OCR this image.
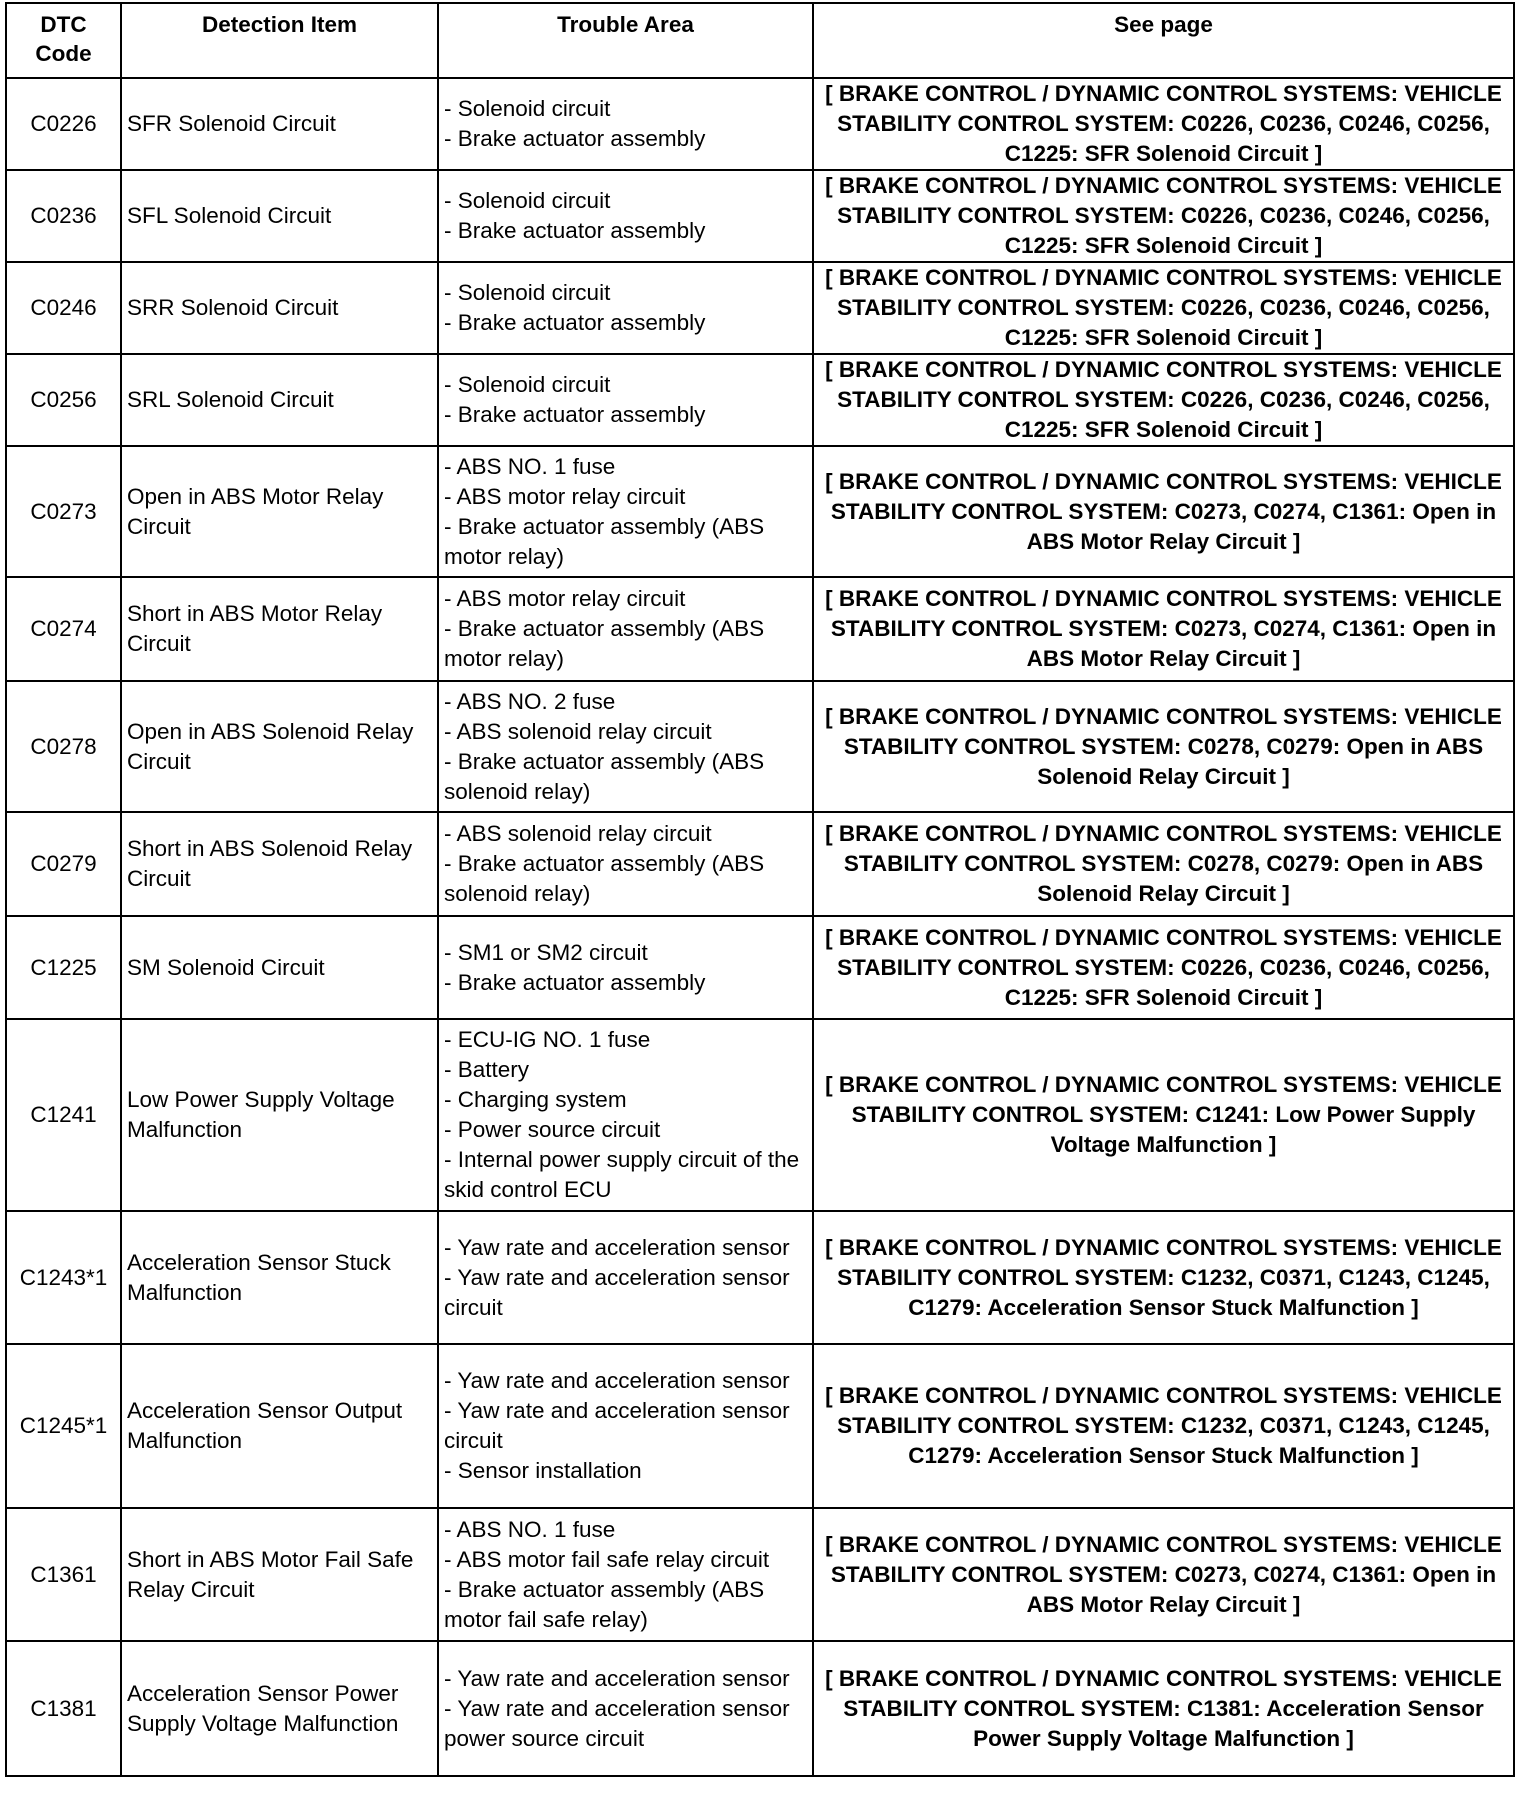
DTC Code	Detection Item	Trouble Area	See page
C0226	SFR Solenoid Circuit	- Solenoid circuit
- Brake actuator assembly	[ BRAKE CONTROL / DYNAMIC CONTROL SYSTEMS: VEHICLE STABILITY CONTROL SYSTEM: C0226, C0236, C0246, C0256, C1225: SFR Solenoid Circuit ]
C0236	SFL Solenoid Circuit	- Solenoid circuit
- Brake actuator assembly	[ BRAKE CONTROL / DYNAMIC CONTROL SYSTEMS: VEHICLE STABILITY CONTROL SYSTEM: C0226, C0236, C0246, C0256, C1225: SFR Solenoid Circuit ]
C0246	SRR Solenoid Circuit	- Solenoid circuit
- Brake actuator assembly	[ BRAKE CONTROL / DYNAMIC CONTROL SYSTEMS: VEHICLE STABILITY CONTROL SYSTEM: C0226, C0236, C0246, C0256, C1225: SFR Solenoid Circuit ]
C0256	SRL Solenoid Circuit	- Solenoid circuit
- Brake actuator assembly	[ BRAKE CONTROL / DYNAMIC CONTROL SYSTEMS: VEHICLE STABILITY CONTROL SYSTEM: C0226, C0236, C0246, C0256, C1225: SFR Solenoid Circuit ]
C0273	Open in ABS Motor Relay Circuit	- ABS NO. 1 fuse
- ABS motor relay circuit
- Brake actuator assembly (ABS motor relay)	[ BRAKE CONTROL / DYNAMIC CONTROL SYSTEMS: VEHICLE STABILITY CONTROL SYSTEM: C0273, C0274, C1361: Open in ABS Motor Relay Circuit ]
C0274	Short in ABS Motor Relay Circuit	- ABS motor relay circuit
- Brake actuator assembly (ABS motor relay)	[ BRAKE CONTROL / DYNAMIC CONTROL SYSTEMS: VEHICLE STABILITY CONTROL SYSTEM: C0273, C0274, C1361: Open in ABS Motor Relay Circuit ]
C0278	Open in ABS Solenoid Relay Circuit	- ABS NO. 2 fuse
- ABS solenoid relay circuit
- Brake actuator assembly (ABS solenoid relay)	[ BRAKE CONTROL / DYNAMIC CONTROL SYSTEMS: VEHICLE STABILITY CONTROL SYSTEM: C0278, C0279: Open in ABS Solenoid Relay Circuit ]
C0279	Short in ABS Solenoid Relay Circuit	- ABS solenoid relay circuit
- Brake actuator assembly (ABS solenoid relay)	[ BRAKE CONTROL / DYNAMIC CONTROL SYSTEMS: VEHICLE STABILITY CONTROL SYSTEM: C0278, C0279: Open in ABS Solenoid Relay Circuit ]
C1225	SM Solenoid Circuit	- SM1 or SM2 circuit
- Brake actuator assembly	[ BRAKE CONTROL / DYNAMIC CONTROL SYSTEMS: VEHICLE STABILITY CONTROL SYSTEM: C0226, C0236, C0246, C0256, C1225: SFR Solenoid Circuit ]
C1241	Low Power Supply Voltage Malfunction	- ECU-IG NO. 1 fuse
- Battery
- Charging system
- Power source circuit
- Internal power supply circuit of the skid control ECU	[ BRAKE CONTROL / DYNAMIC CONTROL SYSTEMS: VEHICLE STABILITY CONTROL SYSTEM: C1241: Low Power Supply Voltage Malfunction ]
C1243*1	Acceleration Sensor Stuck Malfunction	- Yaw rate and acceleration sensor
- Yaw rate and acceleration sensor circuit	[ BRAKE CONTROL / DYNAMIC CONTROL SYSTEMS: VEHICLE STABILITY CONTROL SYSTEM: C1232, C0371, C1243, C1245, C1279: Acceleration Sensor Stuck Malfunction ]
C1245*1	Acceleration Sensor Output Malfunction	- Yaw rate and acceleration sensor
- Yaw rate and acceleration sensor circuit
- Sensor installation	[ BRAKE CONTROL / DYNAMIC CONTROL SYSTEMS: VEHICLE STABILITY CONTROL SYSTEM: C1232, C0371, C1243, C1245, C1279: Acceleration Sensor Stuck Malfunction ]
C1361	Short in ABS Motor Fail Safe Relay Circuit	- ABS NO. 1 fuse
- ABS motor fail safe relay circuit
- Brake actuator assembly (ABS motor fail safe relay)	[ BRAKE CONTROL / DYNAMIC CONTROL SYSTEMS: VEHICLE STABILITY CONTROL SYSTEM: C0273, C0274, C1361: Open in ABS Motor Relay Circuit ]
C1381	Acceleration Sensor Power Supply Voltage Malfunction	- Yaw rate and acceleration sensor
- Yaw rate and acceleration sensor power source circuit	[ BRAKE CONTROL / DYNAMIC CONTROL SYSTEMS: VEHICLE STABILITY CONTROL SYSTEM: C1381: Acceleration Sensor Power Supply Voltage Malfunction ]
